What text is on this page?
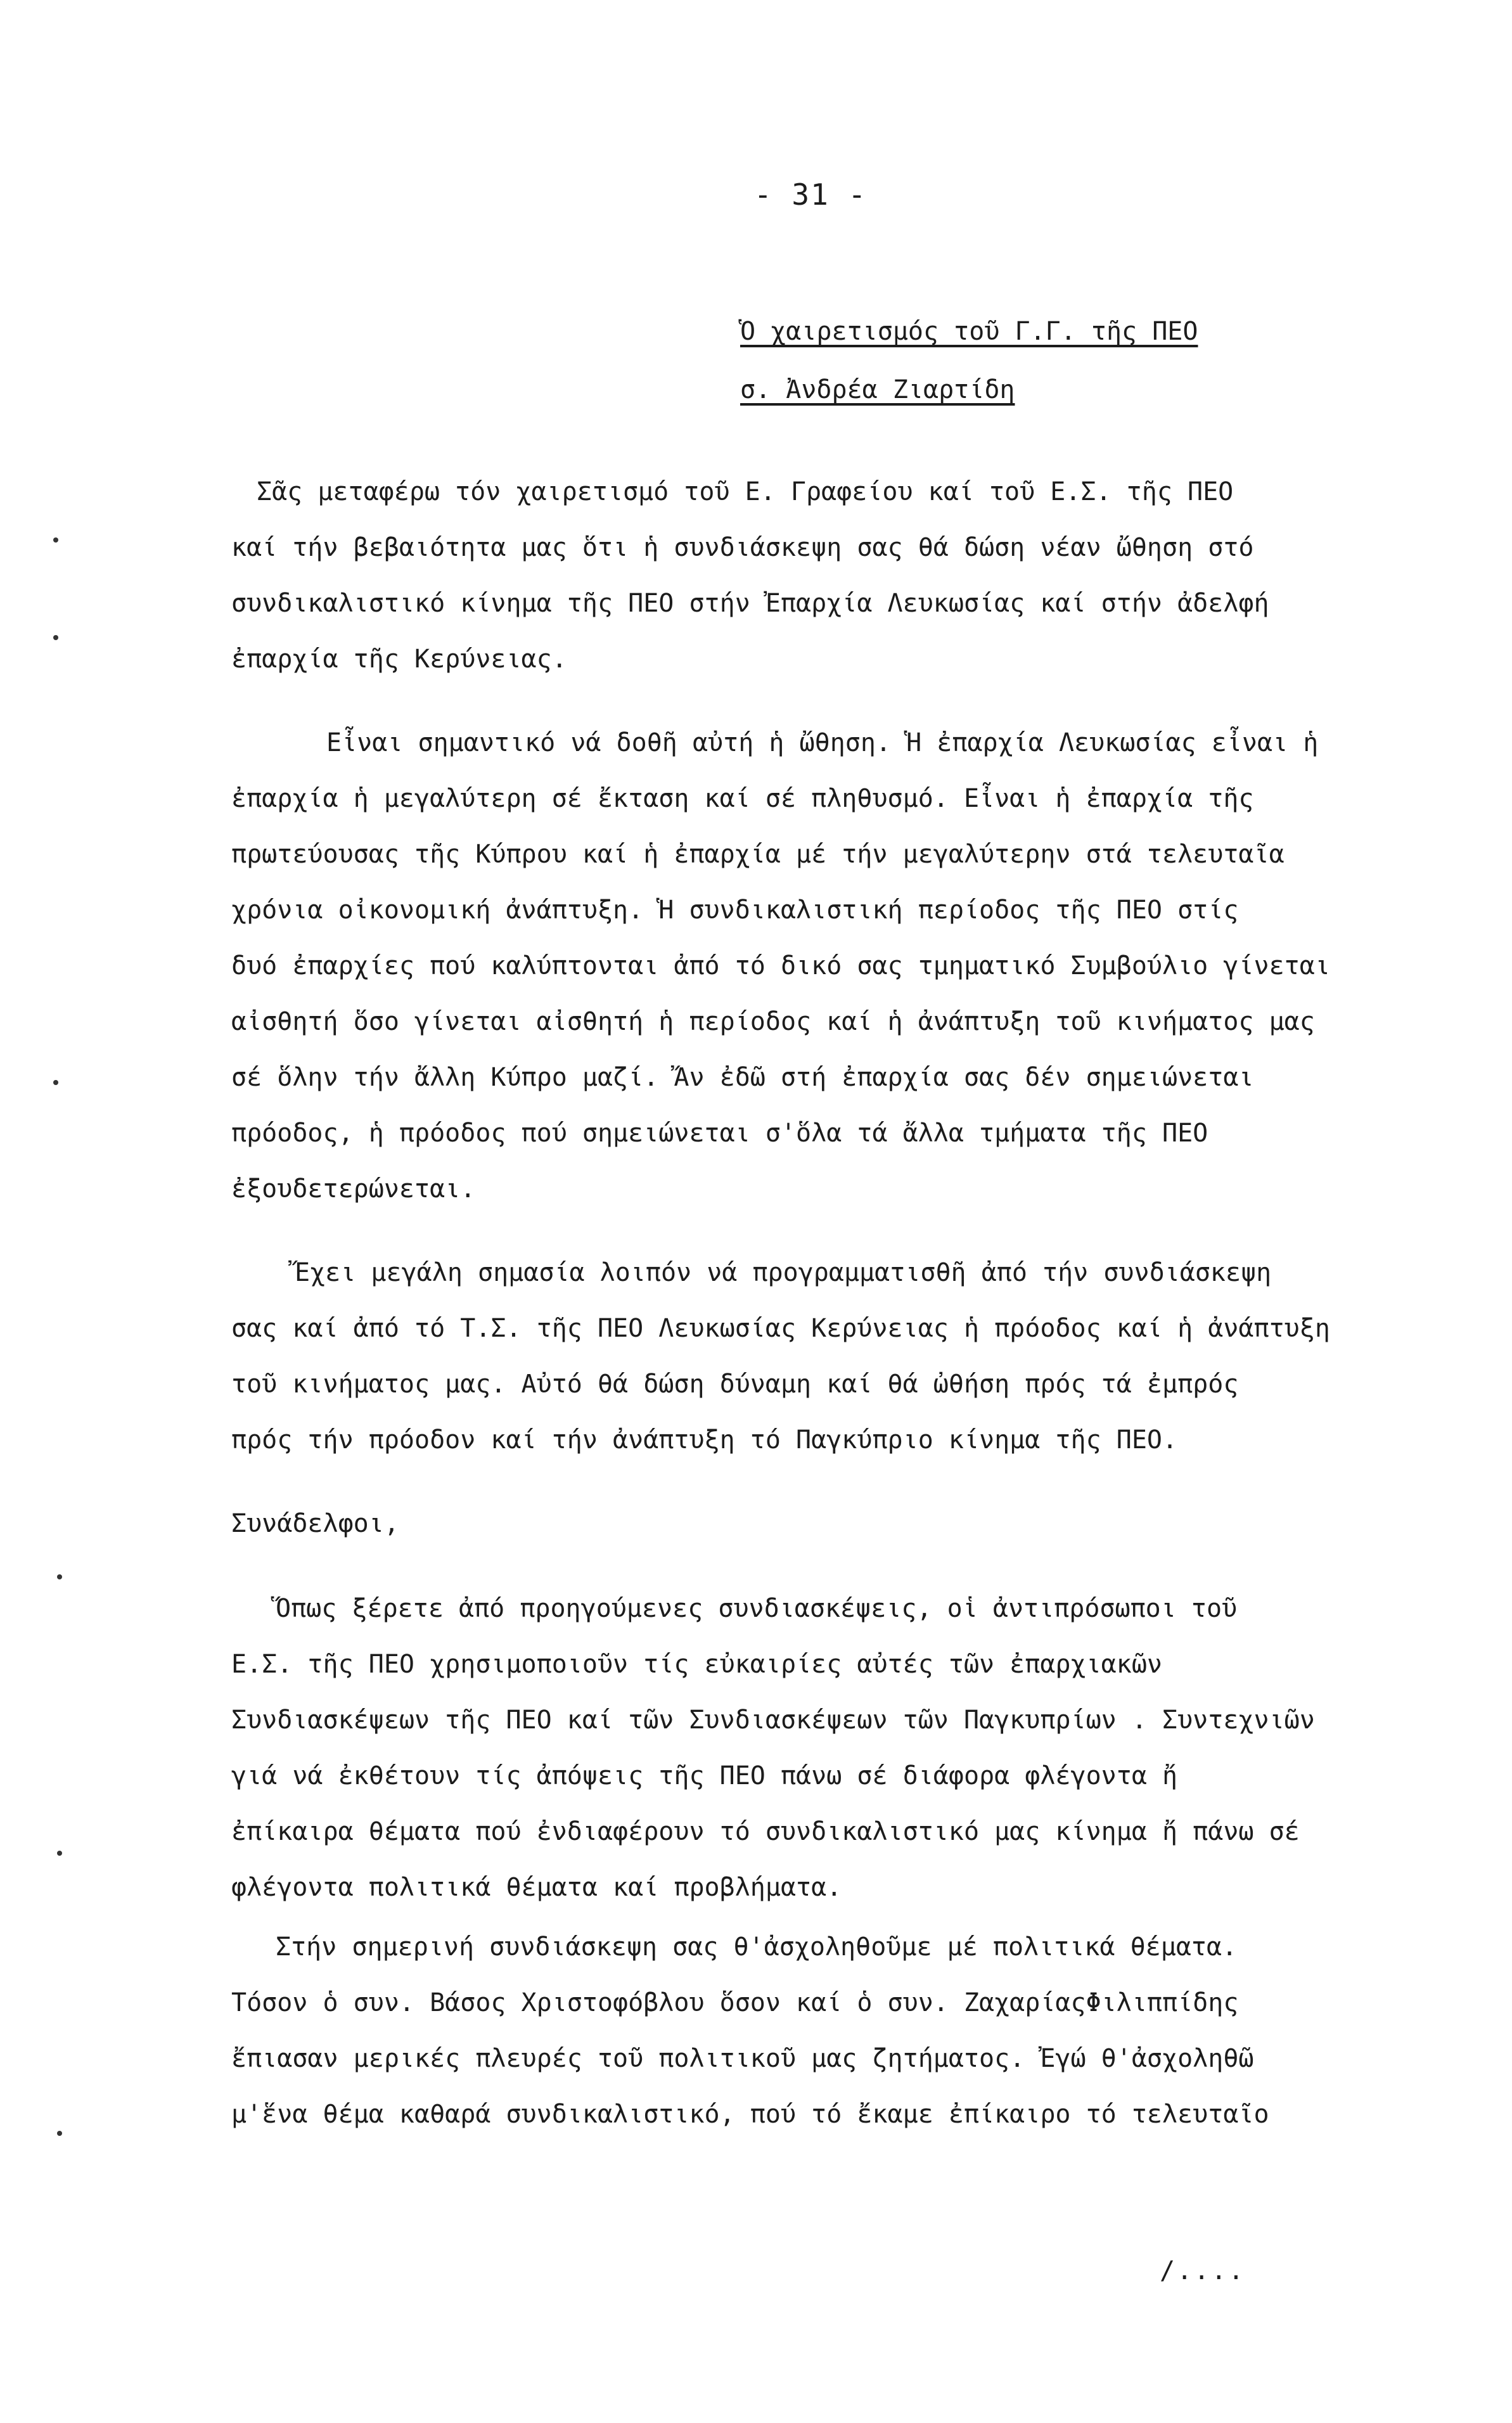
- 31 -
Ὁ χαιρετισμός τοῦ Γ.Γ. τῆς ΠΕΟ
σ. Ἀνδρέα Ζιαρτίδη
Σᾶς μεταφέρω τόν χαιρετισμό τοῦ Ε. Γραφείου καί τοῦ Ε.Σ. τῆς ΠΕΟ
καί τήν βεβαιότητα μας ὅτι ἡ συνδιάσκεψη σας θά δώση νέαν ὤθηση στό
συνδικαλιστικό κίνημα τῆς ΠΕΟ στήν Ἐπαρχία Λευκωσίας καί στήν ἀδελφή
ἐπαρχία τῆς Κερύνειας.
Εἶναι σημαντικό νά δοθῆ αὐτή ἡ ὤθηση. Ἡ ἐπαρχία Λευκωσίας εἶναι ἡ
ἐπαρχία ἡ μεγαλύτερη σέ ἔκταση καί σέ πληθυσμό. Εἶναι ἡ ἐπαρχία τῆς
πρωτεύουσας τῆς Κύπρου καί ἡ ἐπαρχία μέ τήν μεγαλύτερην στά τελευταῖα
χρόνια οἰκονομική ἀνάπτυξη. Ἡ συνδικαλιστική περίοδος τῆς ΠΕΟ στίς
δυό ἐπαρχίες πού καλύπτονται ἀπό τό δικό σας τμηματικό Συμβούλιο γίνεται
αἰσθητή ὅσο γίνεται αἰσθητή ἡ περίοδος καί ἡ ἀνάπτυξη τοῦ κινήματος μας
σέ ὅλην τήν ἄλλη Κύπρο μαζί. Ἄν ἐδῶ στή ἐπαρχία σας δέν σημειώνεται
πρόοδος, ἡ πρόοδος πού σημειώνεται σ'ὅλα τά ἄλλα τμήματα τῆς ΠΕΟ
ἐξουδετερώνεται.
Ἔχει μεγάλη σημασία λοιπόν νά προγραμματισθῆ ἀπό τήν συνδιάσκεψη
σας καί ἀπό τό Τ.Σ. τῆς ΠΕΟ Λευκωσίας Κερύνειας ἡ πρόοδος καί ἡ ἀνάπτυξη
τοῦ κινήματος μας. Αὐτό θά δώση δύναμη καί θά ὠθήση πρός τά ἐμπρός
πρός τήν πρόοδον καί τήν ἀνάπτυξη τό Παγκύπριο κίνημα τῆς ΠΕΟ.
Συνάδελφοι,
Ὅπως ξέρετε ἀπό προηγούμενες συνδιασκέψεις, οἱ ἀντιπρόσωποι τοῦ
Ε.Σ. τῆς ΠΕΟ χρησιμοποιοῦν τίς εὐκαιρίες αὐτές τῶν ἐπαρχιακῶν
Συνδιασκέψεων τῆς ΠΕΟ καί τῶν Συνδιασκέψεων τῶν Παγκυπρίων . Συντεχνιῶν
γιά νά ἐκθέτουν τίς ἀπόψεις τῆς ΠΕΟ πάνω σέ διάφορα φλέγοντα ἤ
ἐπίκαιρα θέματα πού ἐνδιαφέρουν τό συνδικαλιστικό μας κίνημα ἤ πάνω σέ
φλέγοντα πολιτικά θέματα καί προβλήματα.
Στήν σημερινή συνδιάσκεψη σας θ'ἀσχοληθοῦμε μέ πολιτικά θέματα.
Τόσον ὁ συν. Βάσος Χριστοφόβλου ὅσον καί ὁ συν. ΖαχαρίαςΦιλιππίδης
ἔπιασαν μερικές πλευρές τοῦ πολιτικοῦ μας ζητήματος. Ἐγώ θ'ἀσχοληθῶ
μ'ἕνα θέμα καθαρά συνδικαλιστικό, πού τό ἔκαμε ἐπίκαιρο τό τελευταῖο
/....
